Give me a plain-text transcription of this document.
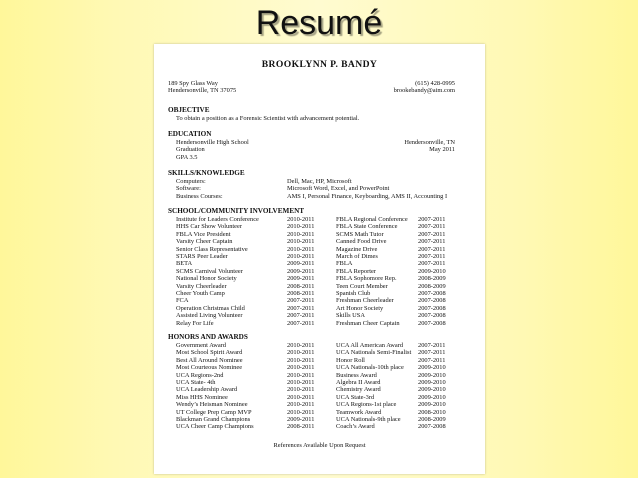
Resumé
BROOKLYNN P. BANDY
189 Spy Glass Way
Hendersonville, TN 37075
(615) 428-0995
brookebandy@aim.com
OBJECTIVE
To obtain a position as a Forensic Scientist with advancement potential.
EDUCATION
Hendersonville High School
Graduation
GPA 3.5
Hendersonville, TN
May 2011
SKILLS/KNOWLEDGE
Computers:	Dell, Mac, HP, Microsoft
Software:	Microsoft Word, Excel, and PowerPoint
Business Courses:	AMS I, Personal Finance, Keyboarding, AMS II, Accounting I
SCHOOL/COMMUNITY INVOLVEMENT
Institute for Leaders Conference	2010-2011	FBLA Regional Conference 2007-2011
HHS Car Show Volunteer	2010-2011	FBLA State Conference	2007-2011
FBLA Vice President	2010-2011	SCMS Math Tutor	2007-2011
Varsity Cheer Captain	2010-2011	Canned Food Drive	2007-2011
Senior Class Representative	2010-2011	Magazine Drive	2007-2011
STARS Peer Leader	2010-2011	March of Dimes	2007-2011
BETA	2009-2011	FBLA	2007-2011
SCMS Carnival Volunteer	2009-2011	FBLA Reporter	2009-2010
National Honor Society	2009-2011	FBLA Sophomore Rep.	2008-2009
Varsity Cheerleader	2008-2011	Teen Court Member	2008-2009
Cheer Youth Camp	2008-2011	Spanish Club	2007-2008
FCA	2007-2011	Freshman Cheerleader	2007-2008
Operation Christmas Child	2007-2011	Art Honor Society	2007-2008
Assisted Living Volunteer	2007-2011	Skills USA	2007-2008
Relay For Life	2007-2011	Freshman Cheer Captain	2007-2008
HONORS AND AWARDS
Government Award	2010-2011	UCA All American Award 2007-2011
Most School Spirit Award	2010-2011	UCA Nationals Semi-Finalist 2007-2011
Best All Around Nominee	2010-2011	Honor Roll	2007-2011
Most Courteous Nominee	2010-2011	UCA Nationals-10th place 2009-2010
UCA Regions-2nd	2010-2011	Business Award	2009-2010
UCA State- 4th	2010-2011	Algebra II Award	2009-2010
UCA Leadership Award	2010-2011	Chemistry Award	2009-2010
Miss HHS Nominee	2010-2011	UCA State-3rd	2009-2010
Wendy’s Heisman Nominee	2010-2011	UCA Regions-1st place	2009-2010
UT College Prep Camp MVP	2010-2011	Teamwork Award	2008-2010
Blackman Grand Champions	2009-2011	UCA Nationals-9th place	2008-2009
UCA Cheer Camp Champions	2008-2011	Coach’s Award	2007-2008
References Available Upon Request
